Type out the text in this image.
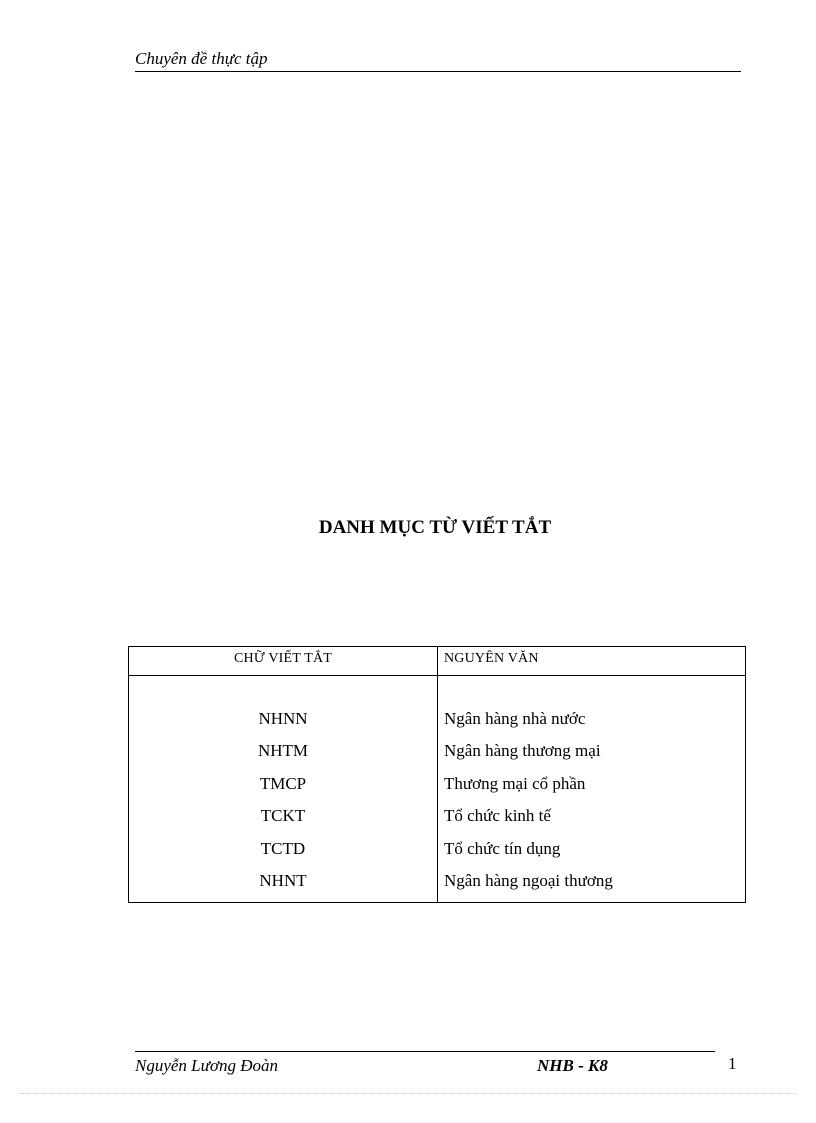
Chuyên đề thực tập
DANH MỤC TỪ VIẾT TẮT
CHỮ VIẾT TẮT	NGUYÊN VĂN
NHNN	Ngân hàng nhà nước
NHTM	Ngân hàng thương mại
TMCP	Thương mại cổ phần
TCKT	Tổ chức kinh tế
TCTD	Tổ chức tín dụng
NHNT	Ngân hàng ngoại thương
Nguyễn Lương Đoàn	NHB - K8	1
